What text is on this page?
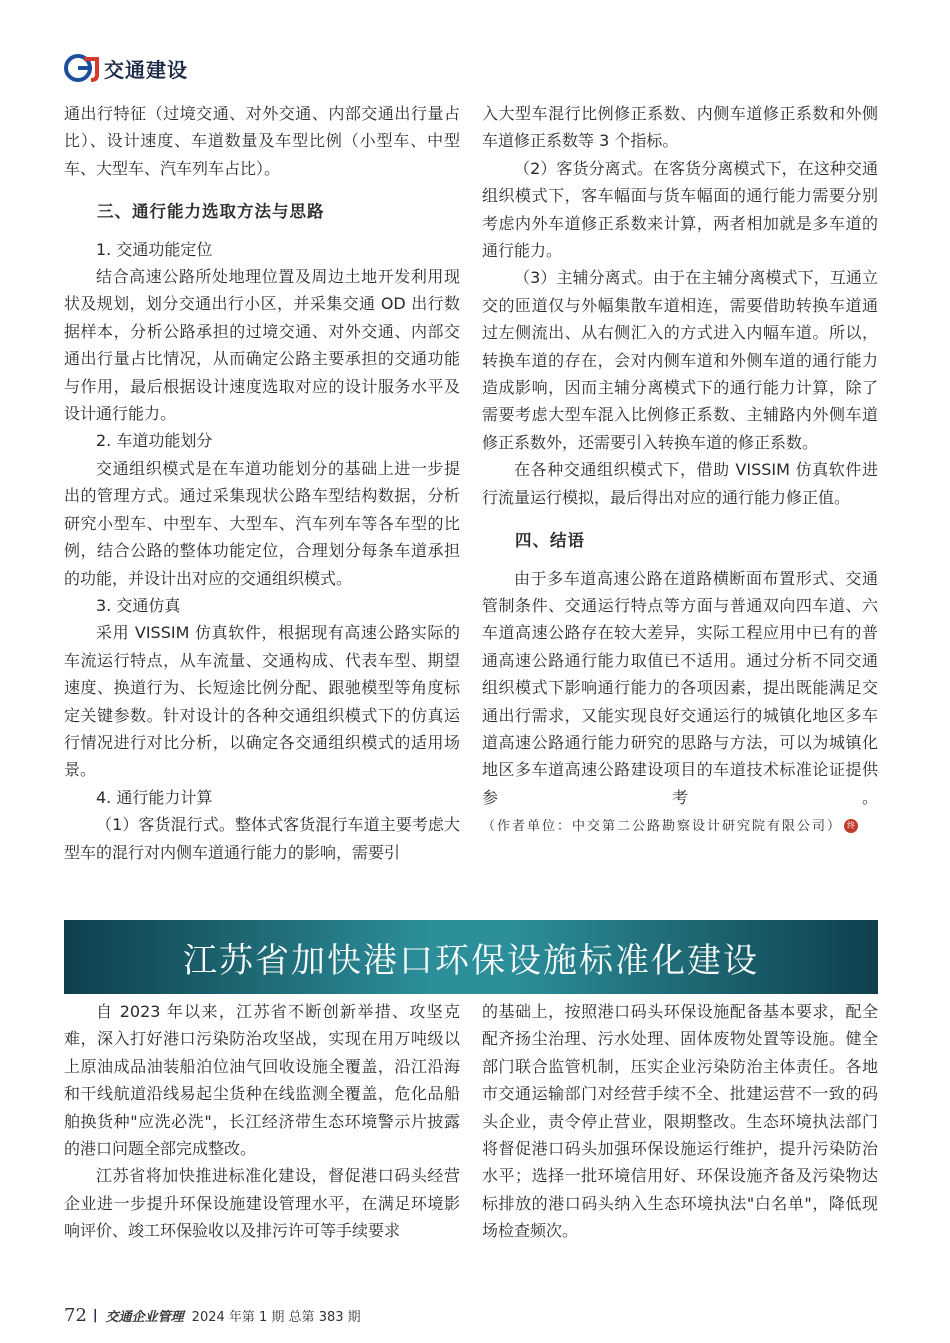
交通建设

通出行特征（过境交通、对外交通、内部交通出行量占比）、设计速度、车道数量及车型比例（小型车、中型车、大型车、汽车列车占比）。

三、通行能力选取方法与思路

1. 交通功能定位

结合高速公路所处地理位置及周边土地开发利用现状及规划，划分交通出行小区，并采集交通 OD 出行数据样本，分析公路承担的过境交通、对外交通、内部交通出行量占比情况，从而确定公路主要承担的交通功能与作用，最后根据设计速度选取对应的设计服务水平及设计通行能力。

2. 车道功能划分

交通组织模式是在车道功能划分的基础上进一步提出的管理方式。通过采集现状公路车型结构数据，分析研究小型车、中型车、大型车、汽车列车等各车型的比例，结合公路的整体功能定位，合理划分每条车道承担的功能，并设计出对应的交通组织模式。

3. 交通仿真

采用 VISSIM 仿真软件，根据现有高速公路实际的车流运行特点，从车流量、交通构成、代表车型、期望速度、换道行为、长短途比例分配、跟驰模型等角度标定关键参数。针对设计的各种交通组织模式下的仿真运行情况进行对比分析，以确定各交通组织模式的适用场景。

4. 通行能力计算

（1）客货混行式。整体式客货混行车道主要考虑大型车的混行对内侧车道通行能力的影响，需要引

入大型车混行比例修正系数、内侧车道修正系数和外侧车道修正系数等 3 个指标。

（2）客货分离式。在客货分离模式下，在这种交通组织模式下，客车幅面与货车幅面的通行能力需要分别考虑内外车道修正系数来计算，两者相加就是多车道的通行能力。

（3）主辅分离式。由于在主辅分离模式下，互通立交的匝道仅与外幅集散车道相连，需要借助转换车道通过左侧流出、从右侧汇入的方式进入内幅车道。所以，转换车道的存在，会对内侧车道和外侧车道的通行能力造成影响，因而主辅分离模式下的通行能力计算，除了需要考虑大型车混入比例修正系数、主辅路内外侧车道修正系数外，还需要引入转换车道的修正系数。

在各种交通组织模式下，借助 VISSIM 仿真软件进行流量运行模拟，最后得出对应的通行能力修正值。

四、结语

由于多车道高速公路在道路横断面布置形式、交通管制条件、交通运行特点等方面与普通双向四车道、六车道高速公路存在较大差异，实际工程应用中已有的普通高速公路通行能力取值已不适用。通过分析不同交通组织模式下影响通行能力的各项因素，提出既能满足交通出行需求，又能实现良好交通运行的城镇化地区多车道高速公路通行能力研究的思路与方法，可以为城镇化地区多车道高速公路建设项目的车道技术标准论证提供参考。（作者单位：中交第二公路勘察设计研究院有限公司） 终

江苏省加快港口环保设施标准化建设

自 2023 年以来，江苏省不断创新举措、攻坚克难，深入打好港口污染防治攻坚战，实现在用万吨级以上原油成品油装船泊位油气回收设施全覆盖，沿江沿海和干线航道沿线易起尘货种在线监测全覆盖，危化品船舶换货种"应洗必洗"，长江经济带生态环境警示片披露的港口问题全部完成整改。

江苏省将加快推进标准化建设，督促港口码头经营企业进一步提升环保设施建设管理水平，在满足环境影响评价、竣工环保验收以及排污许可等手续要求

的基础上，按照港口码头环保设施配备基本要求，配全配齐扬尘治理、污水处理、固体废物处置等设施。健全部门联合监管机制，压实企业污染防治主体责任。各地市交通运输部门对经营手续不全、批建运营不一致的码头企业，责令停止营业，限期整改。生态环境执法部门将督促港口码头加强环保设施运行维护，提升污染防治水平；选择一批环境信用好、环保设施齐备及污染物达标排放的港口码头纳入生态环境执法"白名单"，降低现场检查频次。

72 | 交通企业管理 2024 年第 1 期 总第 383 期
